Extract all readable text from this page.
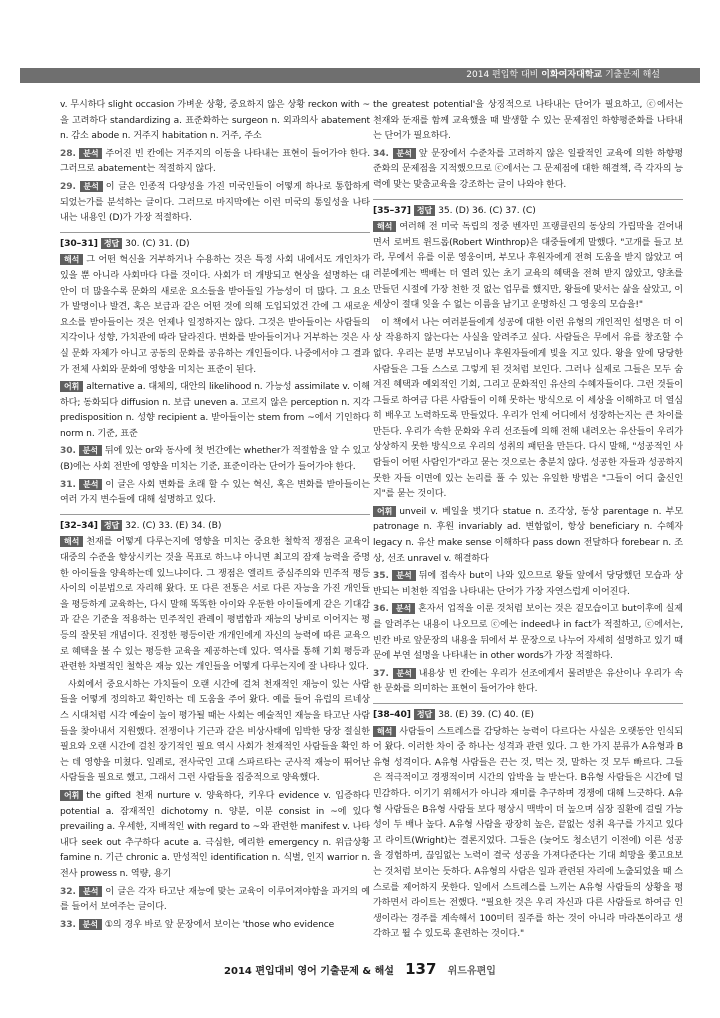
2014 편입학 대비 이화여자대학교 기출문제 해설

v. 무시하다 slight occasion 가벼운 상황, 중요하지 않은 상황 reckon with ~을 고려하다 standardizing a. 표준화하는 surgeon n. 외과의사 abatement n. 감소 abode n. 거주지 habitation n. 거주, 주소

28. 분석 주어진 빈 칸에는 거주지의 이동을 나타내는 표현이 들어가야 한다. 그러므로 abatement는 적절하지 않다.

29. 분석 이 글은 인종적 다양성을 가진 미국인들이 어떻게 하나로 통합하게 되었는가를 분석하는 글이다. 그러므로 마지막에는 이런 미국의 통일성을 나타내는 내용인 (D)가 가장 적절하다.

[30–31] 정답 30. (C) 31. (D)

해석 그 어떤 혁신을 거부하거나 수용하는 것은 특정 사회 내에서도 개인차가 있을 뿐 아니라 사회마다 다를 것이다. 사회가 더 개방되고 현상을 설명하는 대안이 더 많을수록 문화의 새로운 요소들을 받아들일 가능성이 더 많다. 그 요소가 발명이나 발견, 혹은 보급과 같은 어떤 것에 의해 도입되었건 간에 그 새로운 요소를 받아들이는 것은 언제나 일정하지는 않다. 그것은 받아들이는 사람들의 지각이나 성향, 가치관에 따라 달라진다. 변화를 받아들이거나 거부하는 것은 사실 문화 자체가 아니고 공동의 문화를 공유하는 개인들이다. 나중에서야 그 결과가 전체 사회와 문화에 영향을 미치는 표준이 된다.

어휘 alternative a. 대체의, 대안의 likelihood n. 가능성 assimilate v. 이해하다; 동화되다 diffusion n. 보급 uneven a. 고르지 않은 perception n. 지각 predisposition n. 성향 recipient a. 받아들이는 stem from ~에서 기인하다 norm n. 기준, 표준

30. 분석 뒤에 있는 or와 동사에 첫 번간에는 whether가 적절함을 알 수 있고 (B)에는 사회 전반에 영향을 미치는 기준, 표준이라는 단어가 들어가야 한다.

31. 분석 이 글은 사회 변화를 초래 할 수 있는 혁신, 혹은 변화를 받아들이는 여러 가지 변수들에 대해 설명하고 있다.

[32–34] 정답 32. (C) 33. (E) 34. (B)

해석 천재를 어떻게 다루는지에 영향을 미치는 중요한 철학적 쟁점은 교육이 대중의 수준을 향상시키는 것을 목표로 하느냐 아니면 최고의 잠재 능력을 증명한 아이들을 양육하는데 있느냐이다. 그 쟁점은 엘리트 중심주의와 민주적 평등 사이의 이분법으로 자리해 왔다. 또 다른 전통은 서로 다른 자능을 가진 개인들을 평등하게 교육하는, 다시 말해 똑똑한 아이와 우둔한 아이들에게 같은 기대감과 같은 기준을 적용하는 민주적인 관례이 평범함과 재능의 낭비로 이어지는 평등의 잘못된 개념이다. 진정한 평등이란 개개인에게 자신의 능력에 따른 교육으로 혜택을 볼 수 있는 평등한 교육을 제공하는데 있다. 역사를 통해 기회 평등과 관련한 차별적인 철학은 재능 있는 개인들을 어떻게 다루는지에 잘 나타나 있다.

사회에서 중요시하는 가치들이 오랜 시간에 걸쳐 천재적인 재능이 있는 사람들을 어떻게 정의하고 확인하는 데 도움을 주어 왔다. 예를 들어 유럽의 르네상스 시대처럼 시각 예술이 높이 평가될 때는 사회는 예술적인 재능을 타고난 사람들을 찾아내서 지원했다. 전쟁이나 기근과 같은 비상사태에 임박한 당장 절실한 필요와 오랜 시간에 걸친 장기적인 필요 역시 사회가 천재적인 사람들을 확인 하는 데 영향을 미쳤다. 일례로, 전사국인 고대 스파르타는 군사적 재능이 뛰어난 사람들을 필요로 했고, 그래서 그런 사람들을 집중적으로 양육했다.

어휘 the gifted 천재 nurture v. 양육하다, 키우다 evidence v. 입증하다 potential a. 잠재적인 dichotomy n. 양분, 이분 consist in ~에 있다 prevailing a. 우세한, 지배적인 with regard to ~와 관련한 manifest v. 나타내다 seek out 추구하다 acute a. 극심한, 예리한 emergency n. 위급상황 famine n. 기근 chronic a. 만성적인 identification n. 식별, 인지 warrior n. 전사 prowess n. 역량, 용기

32. 분석 이 글은 각자 타고난 재능에 맞는 교육이 이루어져야함을 과거의 예를 들어서 보여주는 글이다.

33. 분석 ①의 경우 바로 앞 문장에서 보이는 'those who evidence

the greatest potential'을 상징적으로 나타내는 단어가 필요하고, ⓒ에서는 천재와 둔재를 함께 교육했을 때 발생할 수 있는 문제점인 하향평준화를 나타내는 단어가 필요하다.

34. 분석 앞 문장에서 수준차를 고려하지 않은 일괄적인 교육에 의한 하향평준화의 문제점을 지적했으므로 ⓒ에서는 그 문제점에 대한 해결책, 즉 각자의 능력에 맞는 맞춤교육을 강조하는 글이 나와야 한다.

[35–37] 정답 35. (D) 36. (C) 37. (C)

해석 여러해 전 미국 독립의 정중 벤자민 프랭클린의 동상의 가립막을 걷어내면서 로버트 윈드롭(Robert Winthrop)은 대중들에게 말했다. "고개를 들고 보라, 무에서 유를 이룬 영웅이며, 부모나 후원자에게 전혀 도움을 받지 않았고 여러분에게는 백배는 더 열려 있는 초기 교육의 혜택을 전혀 받지 않았고, 양초를 만들던 시절에 가장 천한 것 없는 업무를 했지만, 왕들에 맞서는 삶을 살았고, 이 세상이 절대 잊을 수 없는 이름을 남기고 운명하신 그 영웅의 모습을!"

이 책에서 나는 여러분들에게 성공에 대한 이런 유형의 개인적인 설명은 더 이상 작용하지 않는다는 사실을 알려주고 싶다. 사람들은 무에서 유를 창조할 수 없다. 우리는 분명 부모님이나 후원자들에게 빚을 지고 있다. 왕을 앞에 당당한 사람들은 그들 스스로 그렇게 된 것처럼 보인다. 그러나 실제로 그들은 모두 숨겨진 혜택과 예외적인 기회, 그리고 문화적인 유산의 수혜자들이다. 그런 것들이 그들로 하여금 다른 사람들이 이해 못하는 방식으로 이 세상을 이해하고 더 열심히 배우고 노력하도록 만들었다. 우리가 언제 어디에서 성장하는지는 큰 차이를 만든다. 우리가 속한 문화와 우리 선조들에 의해 전해 내려오는 유산들이 우리가 상상하지 못한 방식으로 우리의 성취의 패턴을 만든다. 다시 말해, "성공적인 사람들이 어떤 사람인가"라고 묻는 것으로는 충분치 않다. 성공한 자들과 성공하지 못한 자들 이면에 있는 논리를 풀 수 있는 유일한 방법은 "그들이 어디 출신인지"를 묻는 것이다.

어휘 unveil v. 베일을 벗기다 statue n. 조각상, 동상 parentage n. 부모 patronage n. 후원 invariably ad. 변함없이, 항상 beneficiary n. 수혜자 legacy n. 유산 make sense 이해하다 pass down 전달하다 forebear n. 조상, 선조 unravel v. 해결하다

35. 분석 뒤에 접속사 but이 나와 있으므로 왕들 앞에서 당당했던 모습과 상반되는 비천한 직업을 나타내는 단어가 가장 자연스럽게 이어진다.

36. 분석 혼자서 업적을 이룬 것처럼 보이는 것은 겉모습이고 but이후에 실제를 알려주는 내용이 나오므로 ⓒ에는 indeed나 in fact가 적절하고, ⓒ에서는, 빈칸 바로 앞문장의 내용을 뒤에서 부 문장으로 나누어 자세히 설명하고 있기 때문에 부연 설명을 나타내는 in other words가 가장 적절하다.

37. 분석 내용상 빈 칸에는 우리가 선조에게서 물려받은 유산이나 우리가 속한 문화를 의미하는 표현이 들어가야 한다.

[38–40] 정답 38. (E) 39. (C) 40. (E)

해석 사람들이 스트레스를 감당하는 능력이 다르다는 사실은 오랫동안 인식되어 왔다. 이러한 차이 중 하나는 성격과 관련 있다. 그 한 가지 분류가 A유형과 B유형 성격이다. A유형 사람들은 끈는 것, 먹는 것, 말하는 것 모두 빠르다. 그들은 적극적이고 경쟁적이며 시간의 압박을 늘 받는다. B유형 사람들은 시간에 덜 민감하다. 이기기 위해서가 아니라 재미를 추구하며 경쟁에 대해 느긋하다. A유형 사람들은 B유형 사람들 보다 평상시 맥박이 더 높으며 심장 질환에 걸릴 가능성이 두 배나 높다. A유형 사람을 광장히 높은, 끝없는 성취 욕구를 가지고 있다고 라이트(Wright)는 결론지었다. 그들은 (늦어도 청소년기 이전에) 이른 성공을 경험하며, 끊임없는 노력이 결국 성공을 가져다준다는 기대 희망을 쫓고요보는 것처럼 보이는 듯하다. A유형의 사람은 일과 관련된 자리에 노출되었을 때 스스로를 제어하지 못한다. 일에서 스트레스를 느끼는 A유형 사람들의 상황을 평가하면서 라이트는 전했다. "필요한 것은 우리 자신과 다른 사람들로 하여금 인생이라는 경주를 계속해서 100미터 질주를 하는 것이 아니라 마라톤이라고 생각하고 뛸 수 있도록 훈련하는 것이다."

2014 편입대비 영어 기출문제 & 해설 137 위드유편입
